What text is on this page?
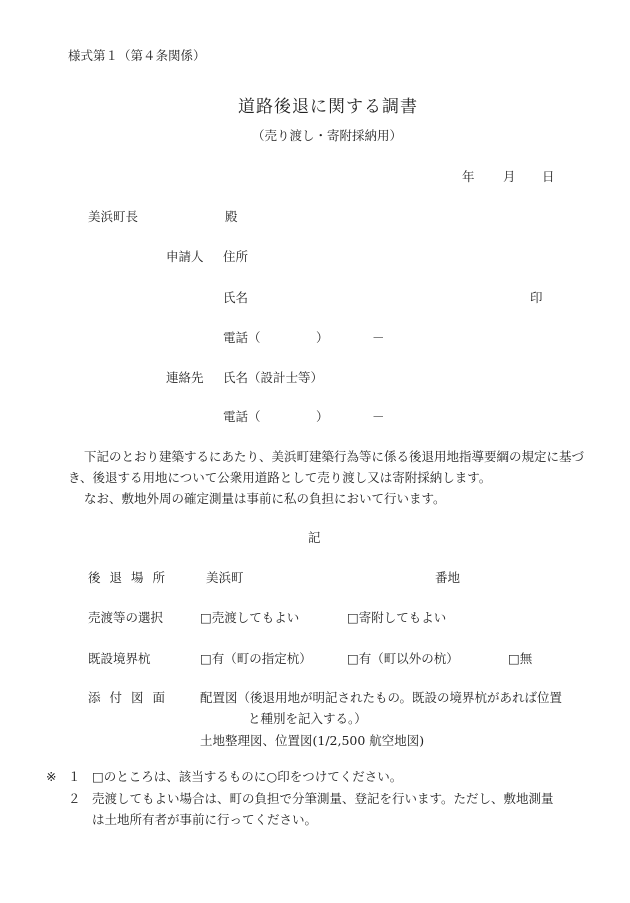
様式第１（第４条関係）
道路後退に関する調書
（売り渡し・寄附採納用）
年 月 日
美浜町長	殿
申請人 住所
氏名	印
電話（	）	－
連絡先 氏名（設計士等）
電話（	）	－
下記のとおり建築するにあたり、美浜町建築行為等に係る後退用地指導要綱の規定に基づき、後退する用地について公衆用道路として売り渡し又は寄附採納します。
なお、敷地外周の確定測量は事前に私の負担において行います。
記
後退場所	美浜町	番地
売渡等の選択	□売渡してもよい	□寄附してもよい
既設境界杭	□有（町の指定杭）	□有（町以外の杭）	□無
添付図面 配置図（後退用地が明記されたもの。既設の境界杭があれば位置
と種別を記入する。）
土地整理図、位置図(1/2,500 航空地図)
※ １ □のところは、該当するものに○印をつけてください。
２ 売渡してもよい場合は、町の負担で分筆測量、登記を行います。ただし、敷地測量
は土地所有者が事前に行ってください。
